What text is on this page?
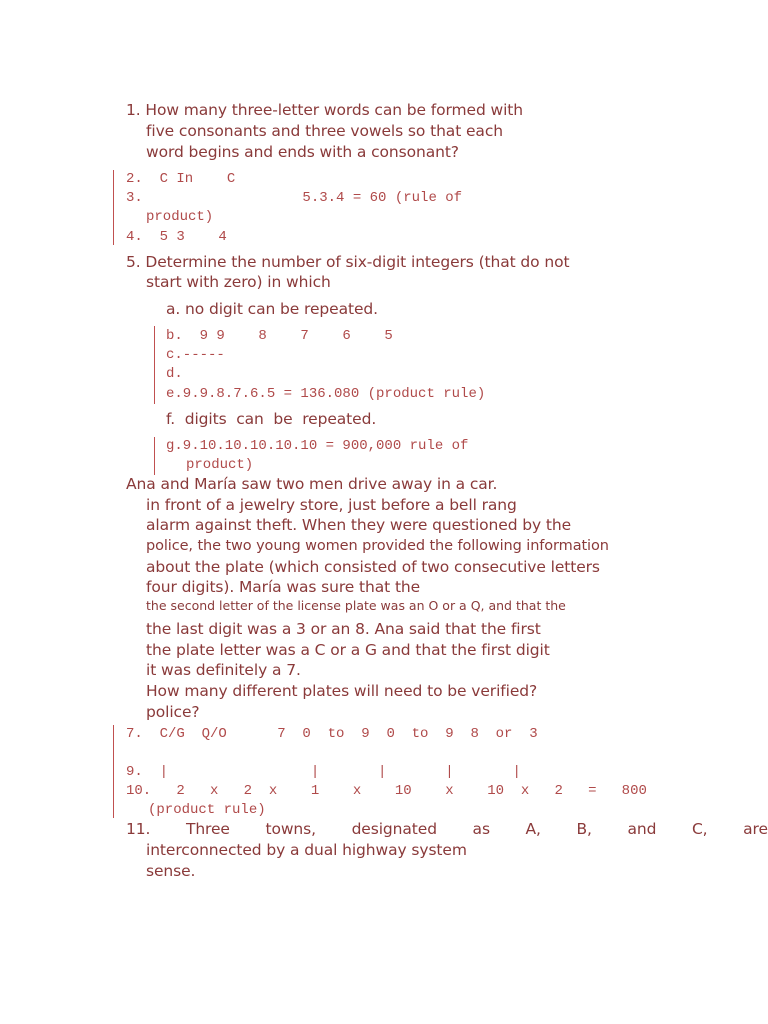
1. How many three-letter words can be formed with
five consonants and three vowels so that each
word begins and ends with a consonant?
2.  C In    C
3.                   5.3.4 = 60 (rule of
product)
4.  5 3    4
5. Determine the number of six-digit integers (that do not
start with zero) in which
a. no digit can be repeated.
b.  9 9    8    7    6    5
c.-----
d.
e.9.9.8.7.6.5 = 136.080 (product rule)
f.  digits  can  be  repeated.
g.9.10.10.10.10.10 = 900,000 rule of
product)
Ana and María saw two men drive away in a car.
in front of a jewelry store, just before a bell rang
alarm against theft. When they were questioned by the
police, the two young women provided the following information
about the plate (which consisted of two consecutive letters
four digits). María was sure that the
the second letter of the license plate was an O or a Q, and that the
the last digit was a 3 or an 8. Ana said that the first
the plate letter was a C or a G and that the first digit
it was definitely a 7.
How many different plates will need to be verified?
police?
7.  C/G  Q/O      7  0  to  9  0  to  9  8  or  3
9.  |                 |       |       |       |
10.   2   x   2  x    1    x    10    x    10  x   2   =   800
(product rule)
11. Three towns, designated as A, B, and C, are
interconnected by a dual highway system
sense.
